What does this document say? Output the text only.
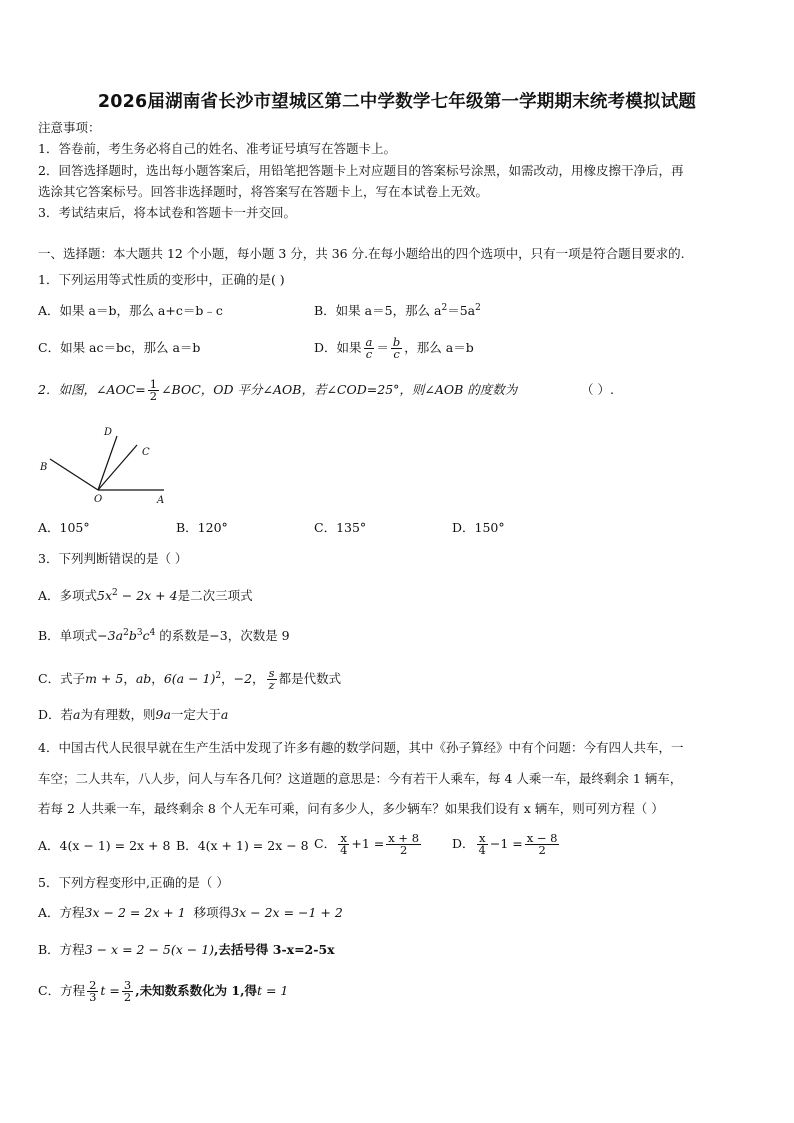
2026届湖南省长沙市望城区第二中学数学七年级第一学期期末统考模拟试题
注意事项：
1．答卷前，考生务必将自己的姓名、准考证号填写在答题卡上。
2．回答选择题时，选出每小题答案后，用铅笔把答题卡上对应题目的答案标号涂黑，如需改动，用橡皮擦干净后，再
选涂其它答案标号。回答非选择题时，将答案写在答题卡上，写在本试卷上无效。
3．考试结束后，将本试卷和答题卡一并交回。
一、选择题：本大题共 12 个小题，每小题 3 分，共 36 分.在每小题给出的四个选项中，只有一项是符合题目要求的.
1．下列运用等式性质的变形中，正确的是( )
A．如果 a＝b，那么 a+c＝b﹣c	B．如果 a＝5，那么 $a^2=5a^2$
C．如果 ac＝bc，那么 a＝b	D．如果 $\frac{a}{c} = \frac{b}{c}$ ，那么 a＝b
2．如图，∠AOC= $\frac{1}{2}$ ∠BOC，OD 平分∠AOB，若∠COD=25°，则∠AOB 的度数为	（ ）.
D
C
B
O	A
A．105°	B．120°	C．135°	D．150°
3．下列判断错误的是（ ）
A．多项式$5x^2 - 2x + 4$是二次三项式
B．单项式$-3a^2b^3c^4$ 的系数是−3，次数是 9
C．式子m + 5，ab，$6(a - 1)^2$，−2， $\frac{s}{z}$ 都是代数式
D．若a为有理数，则9a一定大于a
4．中国古代人民很早就在生产生活中发现了许多有趣的数学问题，其中《孙子算经》中有个问题：今有四人共车，一
车空；二人共车，八人步，问人与车各几何？这道题的意思是：今有若干人乘车，每 4 人乘一车，最终剩余 1 辆车，
若每 2 人共乘一车，最终剩余 8 个人无车可乘，问有多少人，多少辆车？如果我们设有 x 辆车，则可列方程（ ）
A．4(x − 1) = 2x + 8 B．4(x + 1) = 2x − 8 C． $\frac{x}{4} +1 = \frac{x + 8}{2}$ D． $\frac{x}{4} -1 = \frac{x - 8}{2}$
5．下列方程变形中,正确的是（ ）
A．方程3x − 2 = 2x + 1 移项得3x − 2x = −1 + 2
B．方程3 − x = 2 − 5(x − 1),去括号得 3-x=2-5x
C．方程 $\frac{2}{3}$ $t = \frac{3}{2}$ ,未知数系数化为 1,得t = 1
